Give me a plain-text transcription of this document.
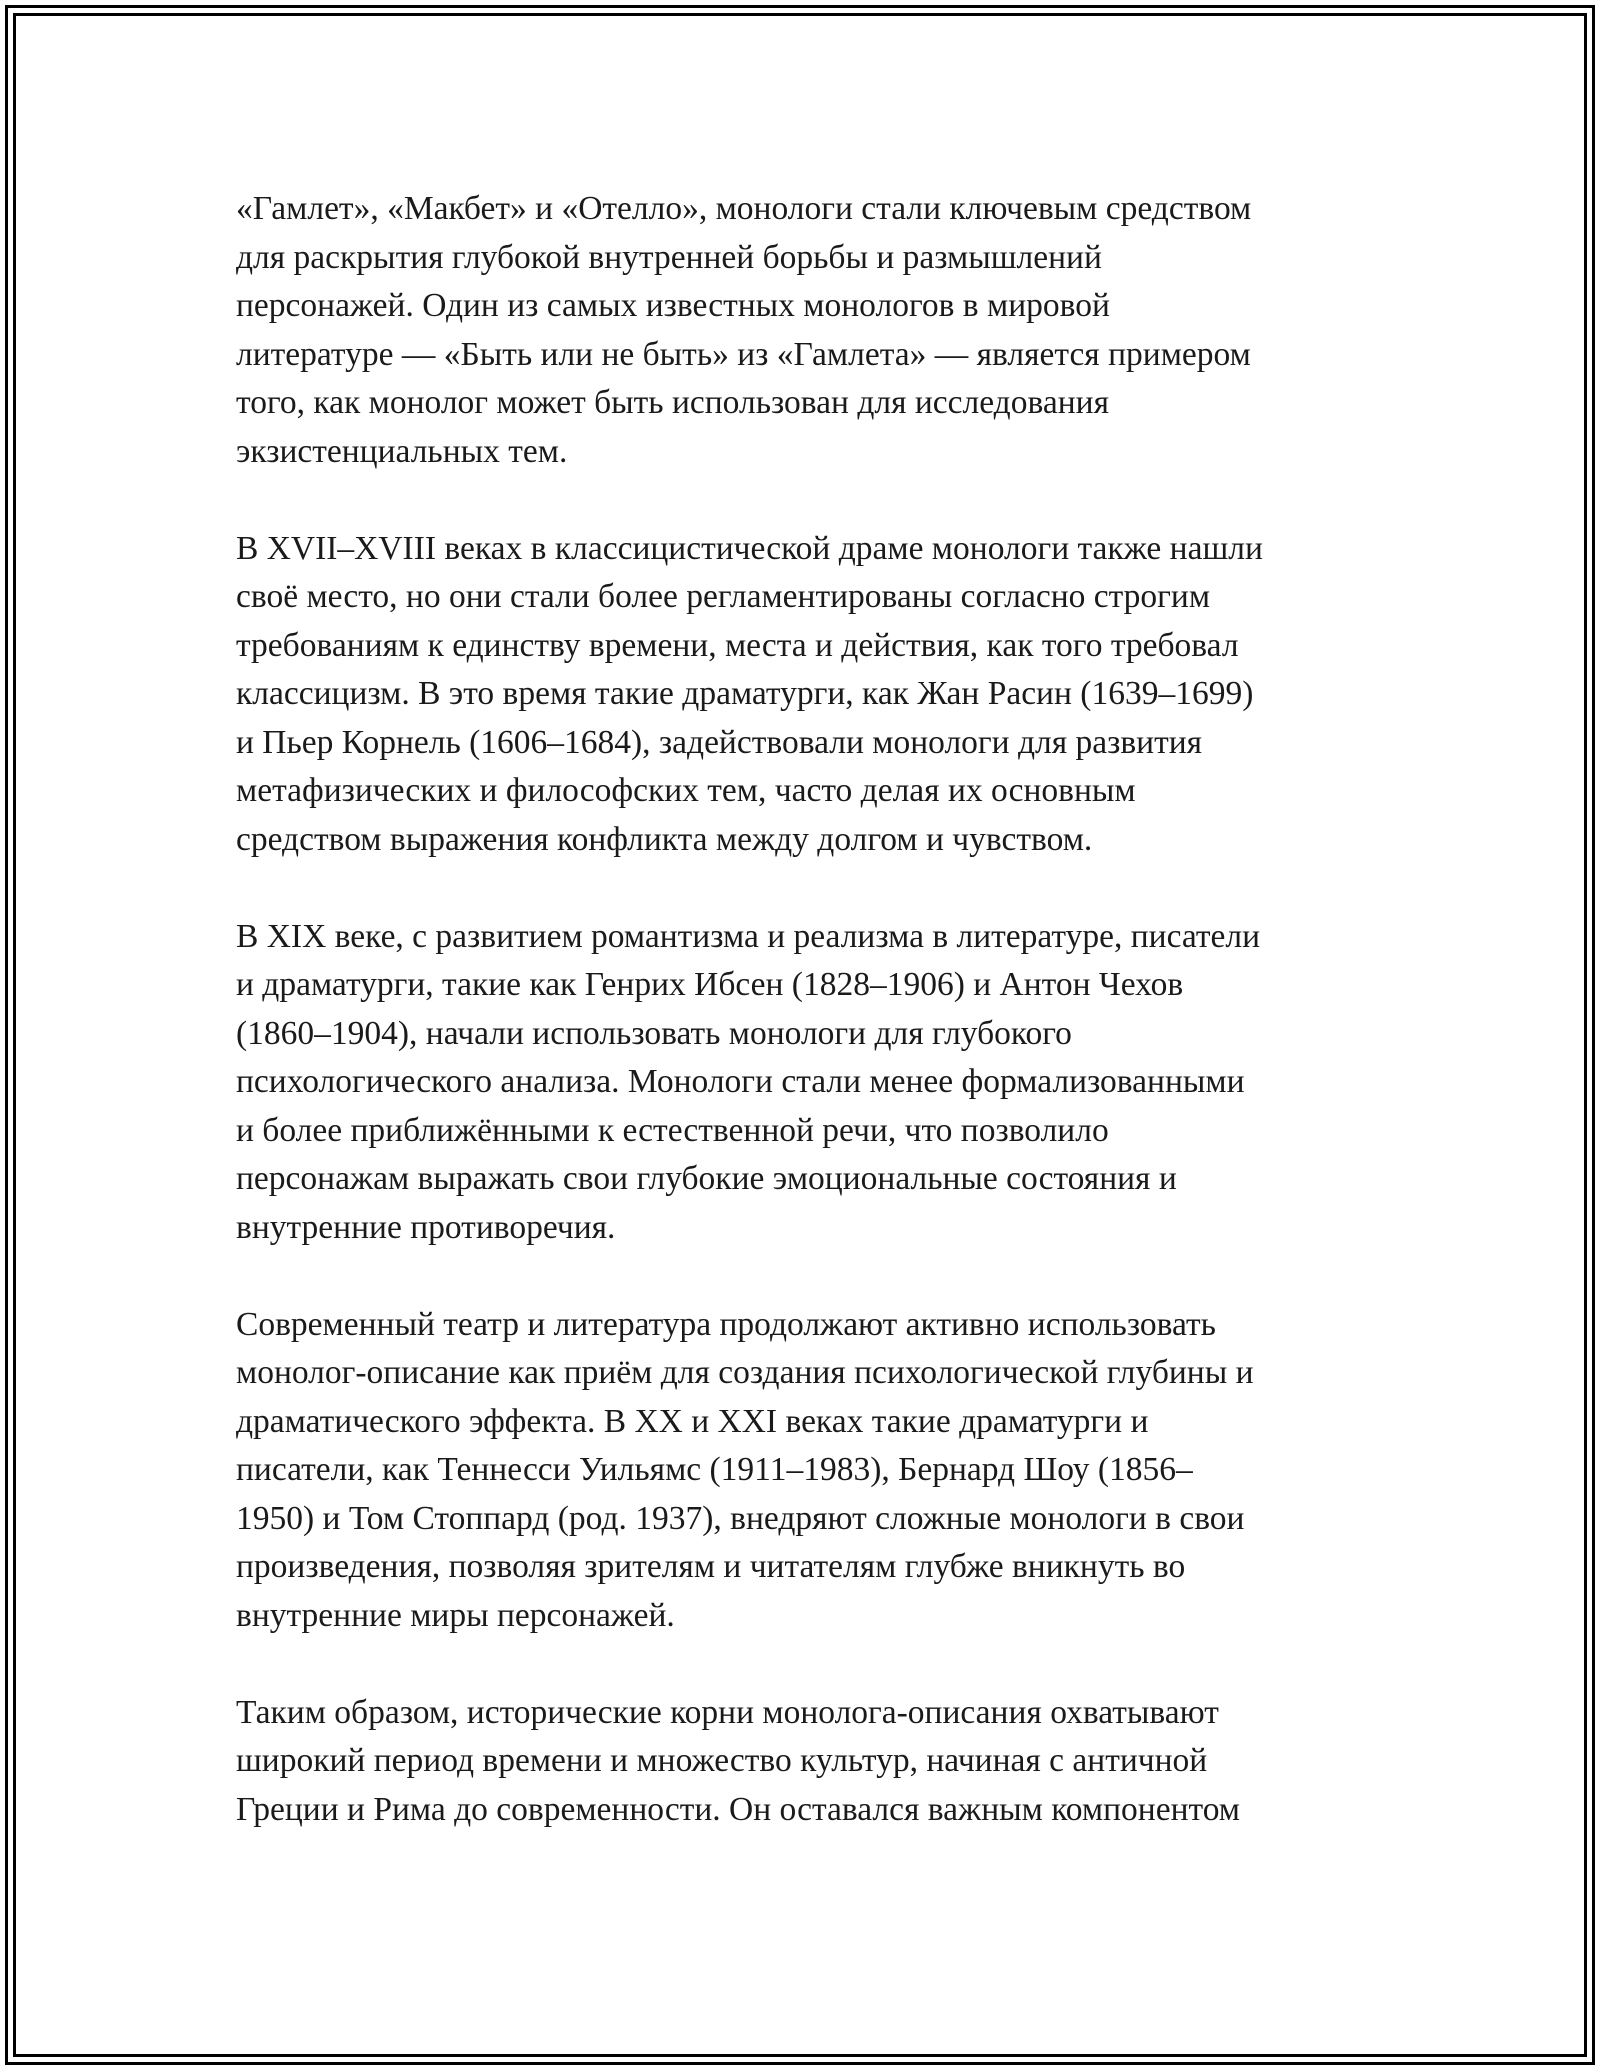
«Гамлет», «Макбет» и «Отелло», монологи стали ключевым средством
для раскрытия глубокой внутренней борьбы и размышлений
персонажей. Один из самых известных монологов в мировой
литературе — «Быть или не быть» из «Гамлета» — является примером
того, как монолог может быть использован для исследования
экзистенциальных тем.

В XVII–XVIII веках в классицистической драме монологи также нашли
своё место, но они стали более регламентированы согласно строгим
требованиям к единству времени, места и действия, как того требовал
классицизм. В это время такие драматурги, как Жан Расин (1639–1699)
и Пьер Корнель (1606–1684), задействовали монологи для развития
метафизических и философских тем, часто делая их основным
средством выражения конфликта между долгом и чувством.

В XIX веке, с развитием романтизма и реализма в литературе, писатели
и драматурги, такие как Генрих Ибсен (1828–1906) и Антон Чехов
(1860–1904), начали использовать монологи для глубокого
психологического анализа. Монологи стали менее формализованными
и более приближёнными к естественной речи, что позволило
персонажам выражать свои глубокие эмоциональные состояния и
внутренние противоречия.

Современный театр и литература продолжают активно использовать
монолог-описание как приём для создания психологической глубины и
драматического эффекта. В XX и XXI веках такие драматурги и
писатели, как Теннесси Уильямс (1911–1983), Бернард Шоу (1856–
1950) и Том Стоппард (род. 1937), внедряют сложные монологи в свои
произведения, позволяя зрителям и читателям глубже вникнуть во
внутренние миры персонажей.

Таким образом, исторические корни монолога-описания охватывают
широкий период времени и множество культур, начиная с античной
Греции и Рима до современности. Он оставался важным компонентом
